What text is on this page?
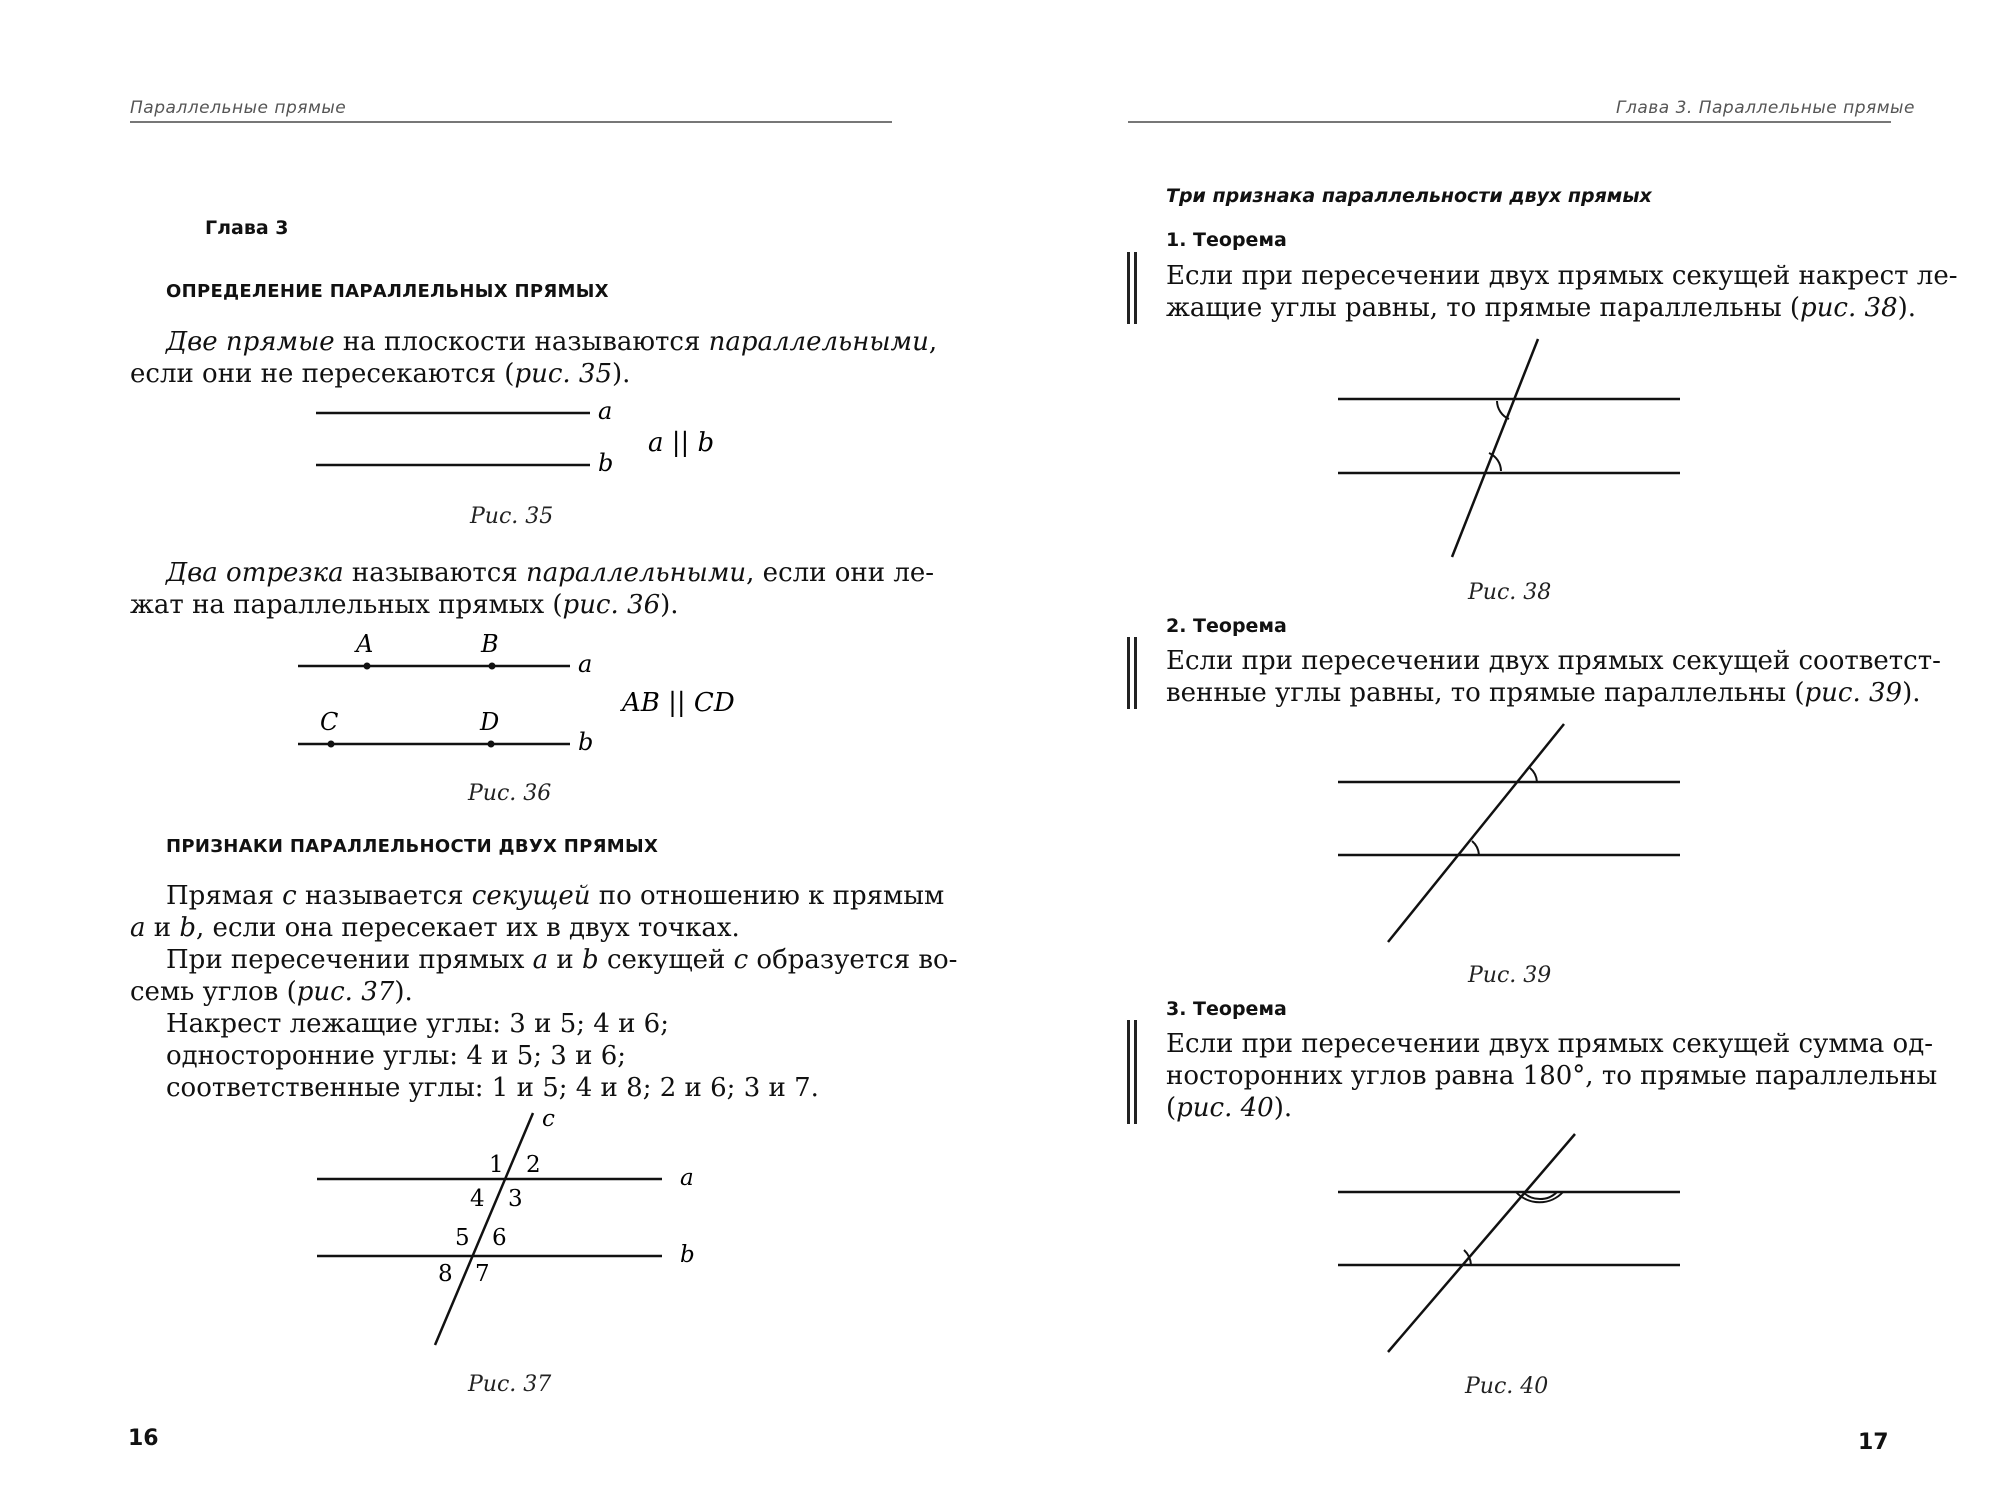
Параллельные прямые
Глава 3
ОПРЕДЕЛЕНИЕ ПАРАЛЛЕЛЬНЫХ ПРЯМЫХ
Две прямые на плоскости называются параллельными,
если они не пересекаются (рис. 35).
a
b
a || b
Рис. 35
Два отрезка называются параллельными, если они ле-
жат на параллельных прямых (рис. 36).
A	B
C	D
a
b
AB || CD
Рис. 36
ПРИЗНАКИ ПАРАЛЛЕЛЬНОСТИ ДВУХ ПРЯМЫХ
Прямая c называется секущей по отношению к прямым
a и b, если она пересекает их в двух точках.
При пересечении прямых a и b секущей c образуется во-
семь углов (рис. 37).
Накрест лежащие углы: 3 и 5; 4 и 6;
односторонние углы: 4 и 5; 3 и 6;
соответственные углы: 1 и 5; 4 и 8; 2 и 6; 3 и 7.
c
a
b
1 2
3
4
5 6
7
8
Рис. 37
16
Глава 3. Параллельные прямые
Три признака параллельности двух прямых
1. Теорема
Если при пересечении двух прямых секущей накрест ле-
жащие углы равны, то прямые параллельны (рис. 38).
Рис. 38
2. Теорема
Если при пересечении двух прямых секущей соответст-
венные углы равны, то прямые параллельны (рис. 39).
Рис. 39
3. Теорема
Если при пересечении двух прямых секущей сумма од-
носторонних углов равна 180°, то прямые параллельны
(рис. 40).
Рис. 40
17
